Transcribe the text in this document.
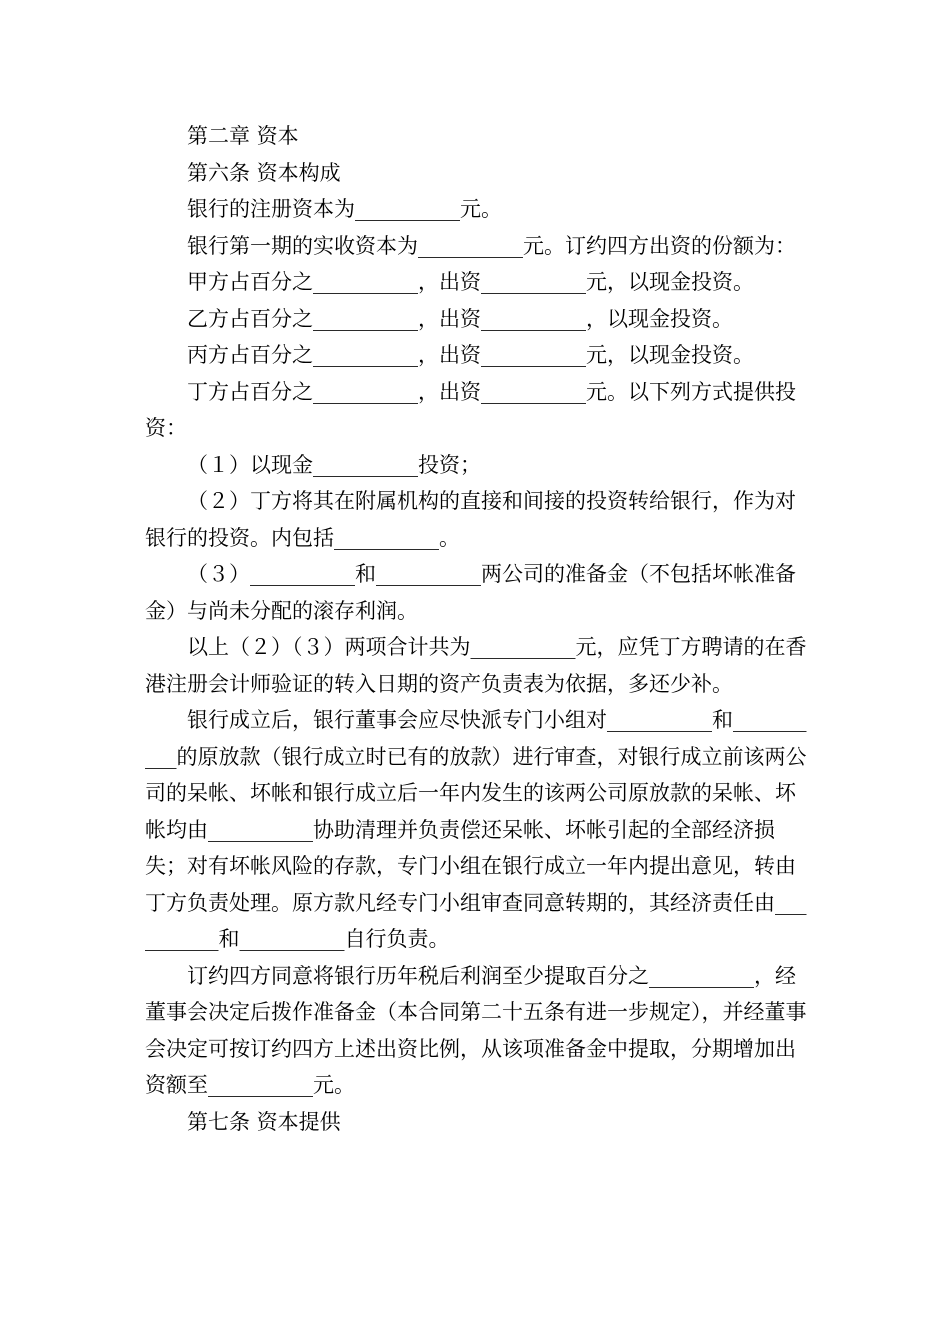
第二章 资本

第六条 资本构成

银行的注册资本为__________元。

银行第一期的实收资本为__________元。订约四方出资的份额为：

甲方占百分之__________，出资__________元，以现金投资。

乙方占百分之__________，出资__________，以现金投资。

丙方占百分之__________，出资__________元，以现金投资。

丁方占百分之__________，出资__________元。以下列方式提供投资：

（１）以现金__________投资；

（２）丁方将其在附属机构的直接和间接的投资转给银行，作为对银行的投资。内包括__________。

（３）__________和__________两公司的准备金（不包括坏帐准备金）与尚未分配的滚存利润。

以上（２）（３）两项合计共为__________元，应凭丁方聘请的在香港注册会计师验证的转入日期的资产负责表为依据，多还少补。

银行成立后，银行董事会应尽快派专门小组对__________和__________的原放款（银行成立时已有的放款）进行审查，对银行成立前该两公司的呆帐、坏帐和银行成立后一年内发生的该两公司原放款的呆帐、坏帐均由__________协助清理并负责偿还呆帐、坏帐引起的全部经济损失；对有坏帐风险的存款，专门小组在银行成立一年内提出意见，转由丁方负责处理。原方款凡经专门小组审查同意转期的，其经济责任由__________和__________自行负责。

订约四方同意将银行历年税后利润至少提取百分之__________，经董事会决定后拨作准备金（本合同第二十五条有进一步规定），并经董事会决定可按订约四方上述出资比例，从该项准备金中提取，分期增加出资额至__________元。

第七条 资本提供
